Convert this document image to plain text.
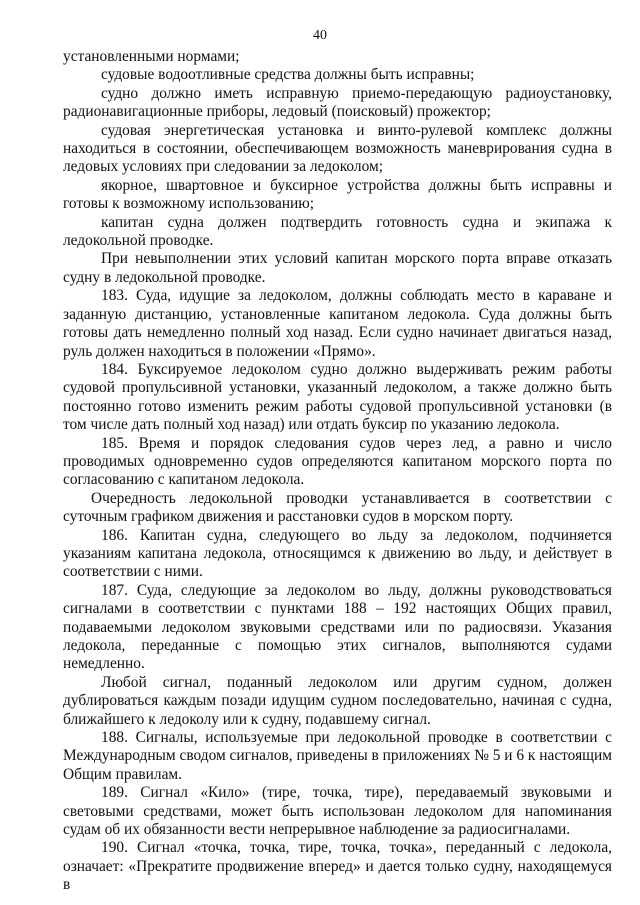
40

установленными нормами;

судовые водоотливные средства должны быть исправны;

судно должно иметь исправную приемо-передающую радиоустановку, радионавигационные приборы, ледовый (поисковый) прожектор;

судовая энергетическая установка и винто-рулевой комплекс должны находиться в состоянии, обеспечивающем возможность маневрирования судна в ледовых условиях при следовании за ледоколом;

якорное, швартовное и буксирное устройства должны быть исправны и готовы к возможному использованию;

капитан судна должен подтвердить готовность судна и экипажа к ледокольной проводке.

При невыполнении этих условий капитан морского порта вправе отказать судну в ледокольной проводке.

183. Суда, идущие за ледоколом, должны соблюдать место в караване и заданную дистанцию, установленные капитаном ледокола. Суда должны быть готовы дать немедленно полный ход назад. Если судно начинает двигаться назад, руль должен находиться в положении «Прямо».

184. Буксируемое ледоколом судно должно выдерживать режим работы судовой пропульсивной установки, указанный ледоколом, а также должно быть постоянно готово изменить режим работы судовой пропульсивной установки (в том числе дать полный ход назад) или отдать буксир по указанию ледокола.

185. Время и порядок следования судов через лед, а равно и число проводимых одновременно судов определяются капитаном морского порта по согласованию с капитаном ледокола.

Очередность ледокольной проводки устанавливается в соответствии с суточным графиком движения и расстановки судов в морском порту.

186. Капитан судна, следующего во льду за ледоколом, подчиняется указаниям капитана ледокола, относящимся к движению во льду, и действует в соответствии с ними.

187. Суда, следующие за ледоколом во льду, должны руководствоваться сигналами в соответствии с пунктами 188 – 192 настоящих Общих правил, подаваемыми ледоколом звуковыми средствами или по радиосвязи. Указания ледокола, переданные с помощью этих сигналов, выполняются судами немедленно.

Любой сигнал, поданный ледоколом или другим судном, должен дублироваться каждым позади идущим судном последовательно, начиная с судна, ближайшего к ледоколу или к судну, подавшему сигнал.

188. Сигналы, используемые при ледокольной проводке в соответствии с Международным сводом сигналов, приведены в приложениях № 5 и 6 к настоящим Общим правилам.

189. Сигнал «Кило» (тире, точка, тире), передаваемый звуковыми и световыми средствами, может быть использован ледоколом для напоминания судам об их обязанности вести непрерывное наблюдение за радиосигналами.

190. Сигнал «точка, точка, тире, точка, точка», переданный с ледокола, означает: «Прекратите продвижение вперед» и дается только судну, находящемуся в
